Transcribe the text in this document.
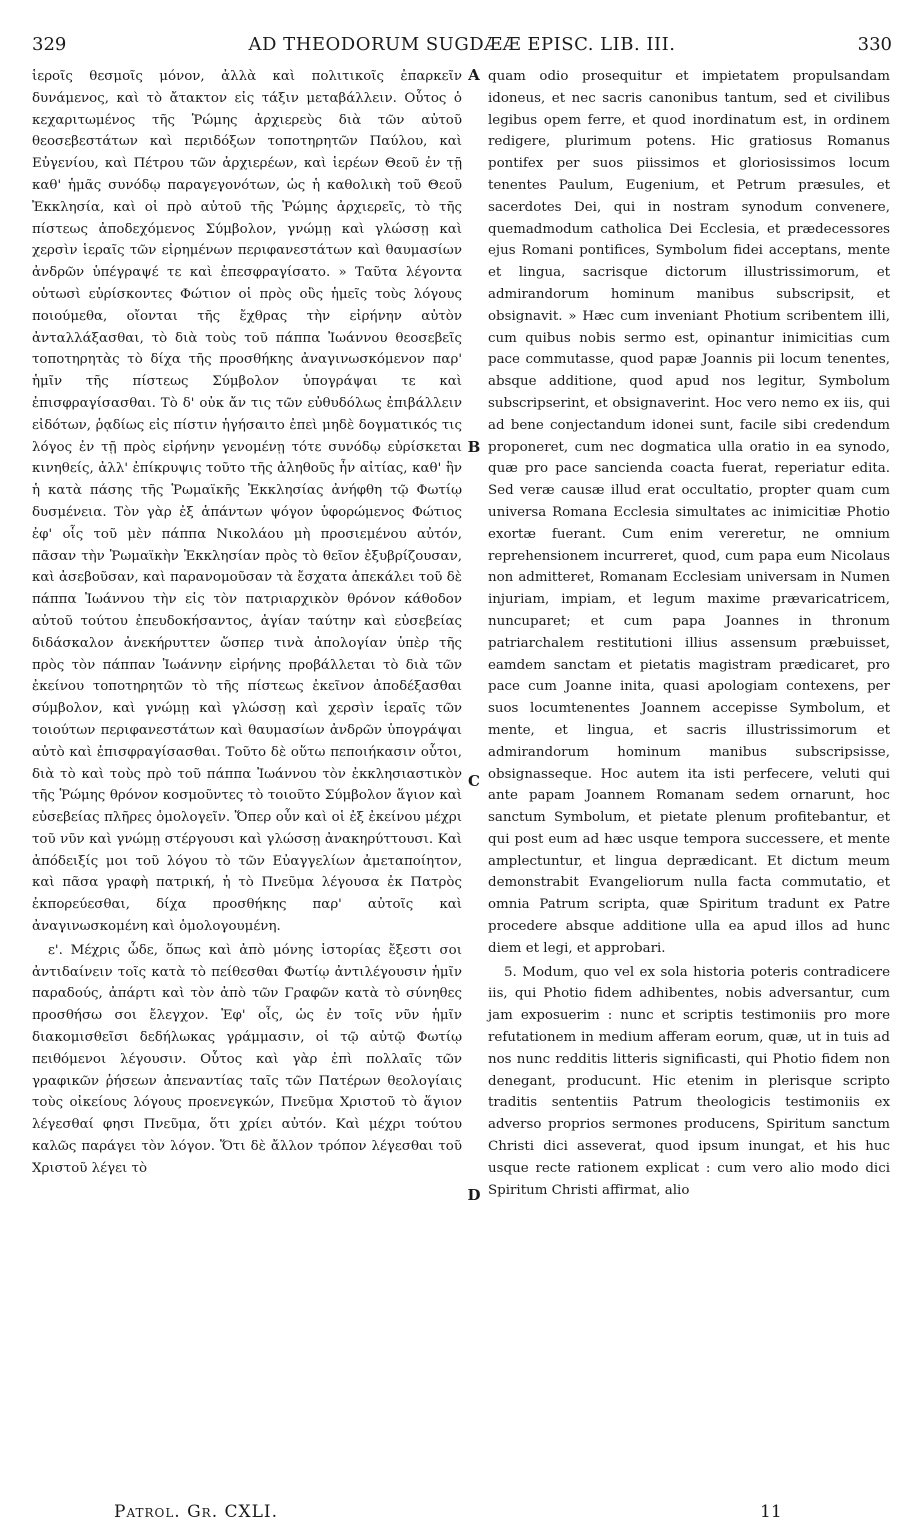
329	AD THEODORUM SUGDÆÆ EPISC. LIB. III.	330

ἱεροῖς θεσμοῖς μόνον, ἀλλὰ καὶ πολιτικοῖς ἐπαρκεῖν δυνάμενος, καὶ τὸ ἄτακτον εἰς τάξιν μεταβάλλειν. Οὗτος ὁ κεχαριτωμένος τῆς Ῥώμης ἀρχιερεὺς διὰ τῶν αὐτοῦ θεοσεβεστάτων καὶ περιδόξων τοποτηρητῶν Παύλου, καὶ Εὐγενίου, καὶ Πέτρου τῶν ἀρχιερέων, καὶ ἱερέων Θεοῦ ἐν τῇ καθ' ἡμᾶς συνόδῳ παραγεγονότων, ὡς ἡ καθολικὴ τοῦ Θεοῦ Ἐκκλησία, καὶ οἱ πρὸ αὐτοῦ τῆς Ῥώμης ἀρχιερεῖς, τὸ τῆς πίστεως ἀποδεχόμενος Σύμβολον, γνώμῃ καὶ γλώσσῃ καὶ χερσὶν ἱεραῖς τῶν εἰρημένων περιφανεστάτων καὶ θαυμασίων ἀνδρῶν ὑπέγραψέ τε καὶ ἐπεσφραγίσατο. » Ταῦτα λέγοντα οὑτωσὶ εὑρίσκοντες Φώτιον οἱ πρὸς οὓς ἡμεῖς τοὺς λόγους ποιούμεθα, οἴονται τῆς ἔχθρας τὴν εἰρήνην αὐτὸν ἀνταλλάξασθαι, τὸ διὰ τοὺς τοῦ πάππα Ἰωάννου θεοσεβεῖς τοποτηρητὰς τὸ δίχα τῆς προσθήκης ἀναγινωσκόμενον παρ' ἡμῖν τῆς πίστεως Σύμβολον ὑπογράψαι τε καὶ ἐπισφραγίσασθαι. Τὸ δ' οὐκ ἄν τις τῶν εὐθυδόλως ἐπιβάλλειν εἰδότων, ῥᾳδίως εἰς πίστιν ἡγήσαιτο ἐπεὶ μηδὲ δογματικός τις λόγος ἐν τῇ πρὸς εἰρήνην γενομένῃ τότε συνόδῳ εὑρίσκεται κινηθείς, ἀλλ' ἐπίκρυψις τοῦτο τῆς ἀληθοῦς ἦν αἰτίας, καθ' ἣν ἡ κατὰ πάσης τῆς Ῥωμαϊκῆς Ἐκκλησίας ἀνήφθη τῷ Φωτίῳ δυσμένεια. Τὸν γὰρ ἐξ ἁπάντων ψόγον ὑφορώμενος Φώτιος ἐφ' οἷς τοῦ μὲν πάππα Νικολάου μὴ προσιεμένου αὐτόν, πᾶσαν τὴν Ῥωμαϊκὴν Ἐκκλησίαν πρὸς τὸ θεῖον ἐξυβρίζουσαν, καὶ ἀσεβοῦσαν, καὶ παρανομοῦσαν τὰ ἔσχατα ἀπεκάλει τοῦ δὲ πάππα Ἰωάννου τὴν εἰς τὸν πατριαρχικὸν θρόνον κάθοδον αὐτοῦ τούτου ἐπευδοκήσαντος, ἁγίαν ταύτην καὶ εὐσεβείας διδάσκαλον ἀνεκήρυττεν ὥσπερ τινὰ ἀπολογίαν ὑπὲρ τῆς πρὸς τὸν πάππαν Ἰωάννην εἰρήνης προβάλλεται τὸ διὰ τῶν ἐκείνου τοποτηρητῶν τὸ τῆς πίστεως ἐκεῖνον ἀποδέξασθαι σύμβολον, καὶ γνώμῃ καὶ γλώσσῃ καὶ χερσὶν ἱεραῖς τῶν τοιούτων περιφανεστάτων καὶ θαυμασίων ἀνδρῶν ὑπογράψαι αὐτὸ καὶ ἐπισφραγίσασθαι. Τοῦτο δὲ οὕτω πεποιήκασιν οὗτοι, διὰ τὸ καὶ τοὺς πρὸ τοῦ πάππα Ἰωάννου τὸν ἐκκλησιαστικὸν τῆς Ῥώμης θρόνον κοσμοῦντες τὸ τοιοῦτο Σύμβολον ἅγιον καὶ εὐσεβείας πλῆρες ὁμολογεῖν. Ὅπερ οὖν καὶ οἱ ἐξ ἐκείνου μέχρι τοῦ νῦν καὶ γνώμῃ στέργουσι καὶ γλώσσῃ ἀνακηρύττουσι. Καὶ ἀπόδειξίς μοι τοῦ λόγου τὸ τῶν Εὐαγγελίων ἀμεταποίητον, καὶ πᾶσα γραφὴ πατρική, ἡ τὸ Πνεῦμα λέγουσα ἐκ Πατρὸς ἐκπορεύεσθαι, δίχα προσθήκης παρ' αὐτοῖς καὶ ἀναγινωσκομένη καὶ ὁμολογουμένη.

ε'. Μέχρις ὧδε, ὅπως καὶ ἀπὸ μόνης ἱστορίας ἔξεστι σοι ἀντιδαίνειν τοῖς κατὰ τὸ πείθεσθαι Φωτίῳ ἀντιλέγουσιν ἡμῖν παραδούς, ἀπάρτι καὶ τὸν ἀπὸ τῶν Γραφῶν κατὰ τὸ σύνηθες προσθήσω σοι ἔλεγχον. Ἐφ' οἷς, ὡς ἐν τοῖς νῦν ἡμῖν διακομισθεῖσι δεδήλωκας γράμμασιν, οἱ τῷ αὐτῷ Φωτίῳ πειθόμενοι λέγουσιν. Οὗτος καὶ γὰρ ἐπὶ πολλαῖς τῶν γραφικῶν ῥήσεων ἀπεναντίας ταῖς τῶν Πατέρων θεολογίαις τοὺς οἰκείους λόγους προενεγκών, Πνεῦμα Χριστοῦ τὸ ἅγιον λέγεσθαί φησι Πνεῦμα, ὅτι χρίει αὐτόν. Καὶ μέχρι τούτου καλῶς παράγει τὸν λόγον. Ὅτι δὲ ἄλλον τρόπον λέγεσθαι τοῦ Χριστοῦ λέγει τὸ

A
B
C
D

quam odio prosequitur et impietatem propulsandam idoneus, et nec sacris canonibus tantum, sed et civilibus legibus opem ferre, et quod inordinatum est, in ordinem redigere, plurimum potens. Hic gratiosus Romanus pontifex per suos piissimos et gloriosissimos locum tenentes Paulum, Eugenium, et Petrum præsules, et sacerdotes Dei, qui in nostram synodum convenere, quemadmodum catholica Dei Ecclesia, et prædecessores ejus Romani pontifices, Symbolum fidei acceptans, mente et lingua, sacrisque dictorum illustrissimorum, et admirandorum hominum manibus subscripsit, et obsignavit. » Hæc cum inveniant Photium scribentem illi, cum quibus nobis sermo est, opinantur inimicitias cum pace commutasse, quod papæ Joannis pii locum tenentes, absque additione, quod apud nos legitur, Symbolum subscripserint, et obsignaverint. Hoc vero nemo ex iis, qui ad bene conjectandum idonei sunt, facile sibi credendum proponeret, cum nec dogmatica ulla oratio in ea synodo, quæ pro pace sancienda coacta fuerat, reperiatur edita. Sed veræ causæ illud erat occultatio, propter quam cum universa Romana Ecclesia simultates ac inimicitiæ Photio exortæ fuerant. Cum enim vereretur, ne omnium reprehensionem incurreret, quod, cum papa eum Nicolaus non admitteret, Romanam Ecclesiam universam in Numen injuriam, impiam, et legum maxime prævaricatricem, nuncuparet; et cum papa Joannes in thronum patriarchalem restitutioni illius assensum præbuisset, eamdem sanctam et pietatis magistram prædicaret, pro pace cum Joanne inita, quasi apologiam contexens, per suos locumtenentes Joannem accepisse Symbolum, et mente, et lingua, et sacris illustrissimorum et admirandorum hominum manibus subscripsisse, obsignasseque. Hoc autem ita isti perfecere, veluti qui ante papam Joannem Romanam sedem ornarunt, hoc sanctum Symbolum, et pietate plenum profitebantur, et qui post eum ad hæc usque tempora successere, et mente amplectuntur, et lingua deprædicant. Et dictum meum demonstrabit Evangeliorum nulla facta commutatio, et omnia Patrum scripta, quæ Spiritum tradunt ex Patre procedere absque additione ulla ea apud illos ad hunc diem et legi, et approbari.

5. Modum, quo vel ex sola historia poteris contradicere iis, qui Photio fidem adhibentes, nobis adversantur, cum jam exposuerim : nunc et scriptis testimoniis pro more refutationem in medium afferam eorum, quæ, ut in tuis ad nos nunc redditis litteris significasti, qui Photio fidem non denegant, producunt. Hic etenim in plerisque scripto traditis sententiis Patrum theologicis testimoniis ex adverso proprios sermones producens, Spiritum sanctum Christi dici asseverat, quod ipsum inungat, et his huc usque recte rationem explicat : cum vero alio modo dici Spiritum Christi affirmat, alio

Patrol. Gr. CXLI.	11
